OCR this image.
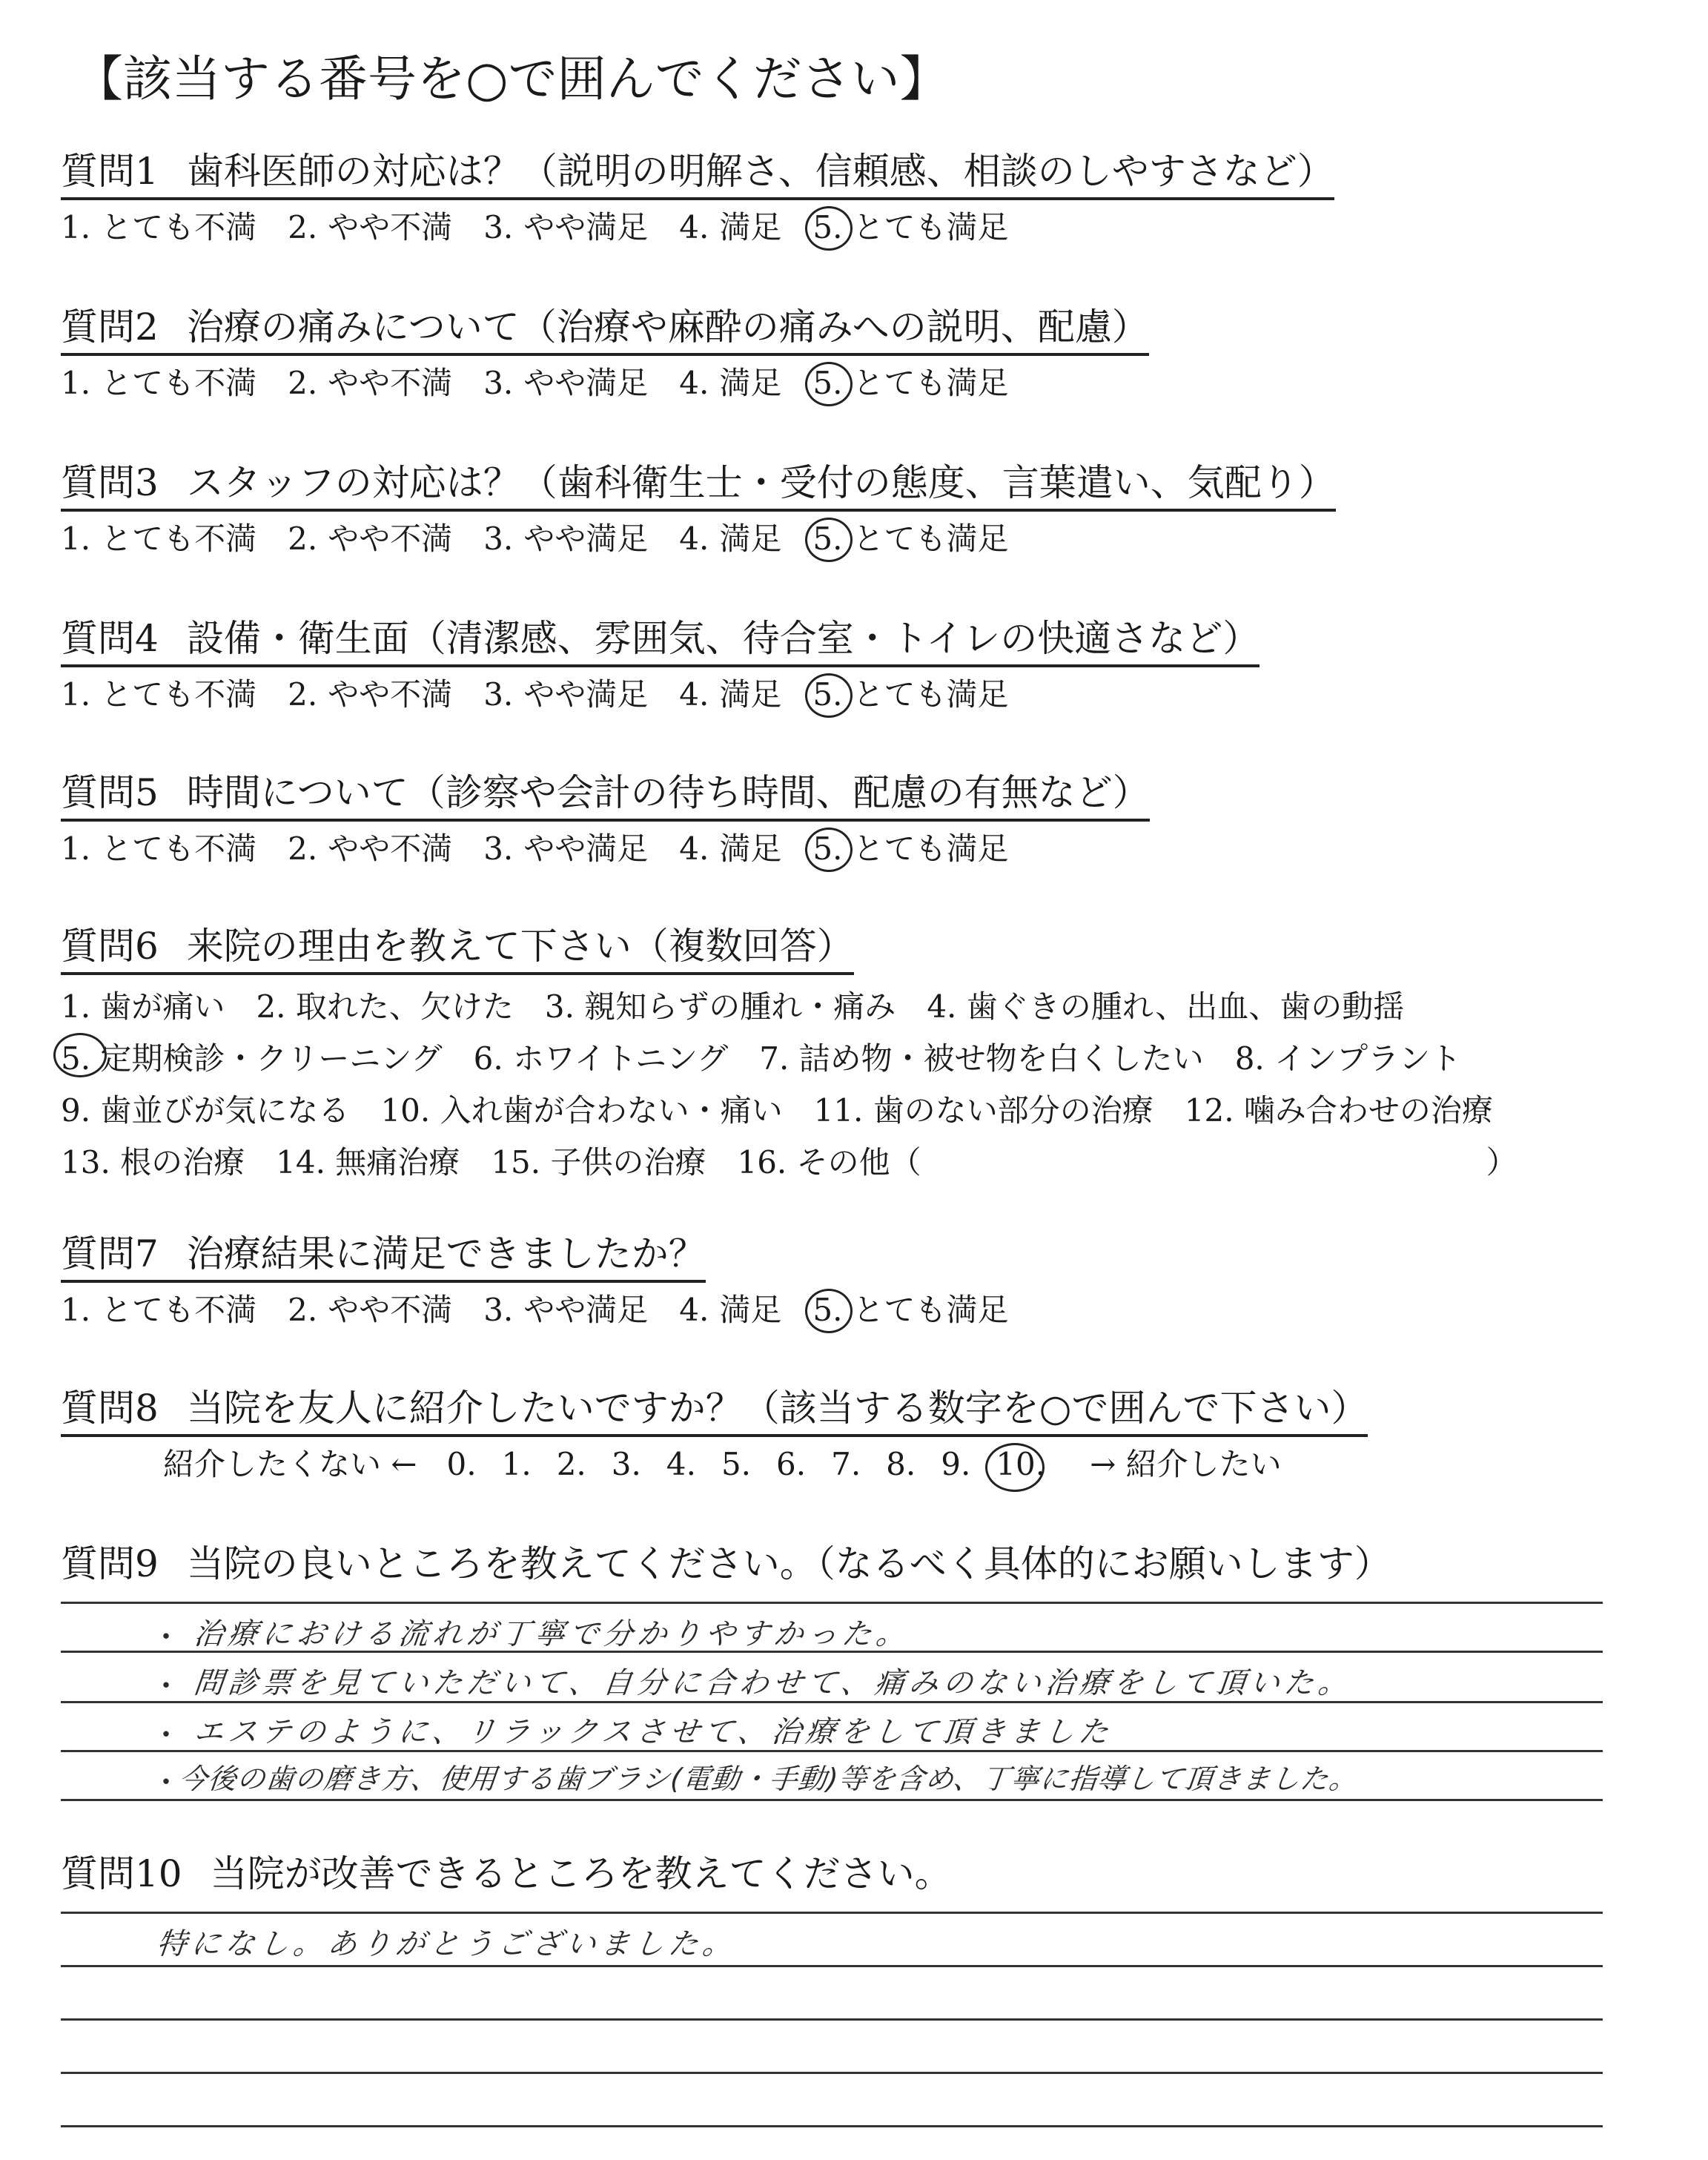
【該当する番号を○で囲んでください】
質問1 歯科医師の対応は？（説明の明解さ、信頼感、相談のしやすさなど）
1. とても不満 2. やや不満 3. やや満足 4. 満足 5. とても満足
質問2 治療の痛みについて（治療や麻酔の痛みへの説明、配慮）
1. とても不満 2. やや不満 3. やや満足 4. 満足 5. とても満足
質問3 スタッフの対応は？（歯科衛生士・受付の態度、言葉遣い、気配り）
1. とても不満 2. やや不満 3. やや満足 4. 満足 5. とても満足
質問4 設備・衛生面（清潔感、雰囲気、待合室・トイレの快適さなど）
1. とても不満 2. やや不満 3. やや満足 4. 満足 5. とても満足
質問5 時間について（診察や会計の待ち時間、配慮の有無など）
1. とても不満 2. やや不満 3. やや満足 4. 満足 5. とても満足
質問6 来院の理由を教えて下さい（複数回答）
1. 歯が痛い 2. 取れた、欠けた 3. 親知らずの腫れ・痛み 4. 歯ぐきの腫れ、出血、歯の動揺
5. 定期検診・クリーニング 6. ホワイトニング 7. 詰め物・被せ物を白くしたい 8. インプラント
9. 歯並びが気になる 10. 入れ歯が合わない・痛い 11. 歯のない部分の治療 12. 噛み合わせの治療
13. 根の治療 14. 無痛治療 15. 子供の治療 16. その他（	）
質問7 治療結果に満足できましたか？
1. とても不満 2. やや不満 3. やや満足 4. 満足 5. とても満足
質問8 当院を友人に紹介したいですか？（該当する数字を○で囲んで下さい）
紹介したくない ← 0. 1. 2. 3. 4. 5. 6. 7. 8. 9. 10. → 紹介したい
質問9 当院の良いところを教えてください。（なるべく具体的にお願いします）
・ 治療における流れが丁寧で分かりやすかった。
・ 問診票を見ていただいて、自分に合わせて、痛みのない治療をして頂いた。
・ エステのように、リラックスさせて、治療をして頂きました
・
今後の歯の磨き方、使用する歯ブラシ(電動・手動)等を含め、丁寧に指導して頂きました。
質問10 当院が改善できるところを教えてください。
特になし。ありがとうございました。
